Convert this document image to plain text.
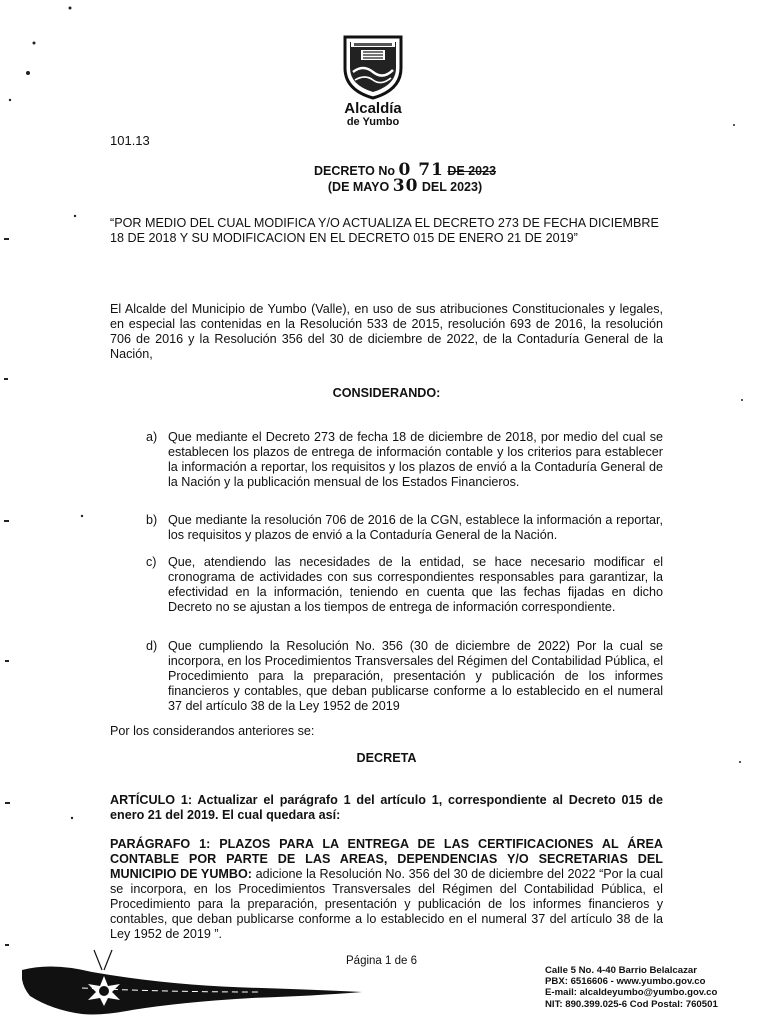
Alcaldía
de Yumbo
101.13
DECRETO No 0 71 DE 2023
(DE MAYO 30 DEL 2023)
“POR MEDIO DEL CUAL MODIFICA Y/O ACTUALIZA EL DECRETO 273 DE FECHA DICIEMBRE 18 DE 2018 Y SU MODIFICACION EN EL DECRETO 015 DE ENERO 21 DE 2019”
El Alcalde del Municipio de Yumbo (Valle), en uso de sus atribuciones Constitucionales y legales, en especial las contenidas en la Resolución 533 de 2015, resolución 693 de 2016, la resolución 706 de 2016 y la Resolución 356 del 30 de diciembre de 2022, de la Contaduría General de la Nación,
CONSIDERANDO:
a) Que mediante el Decreto 273 de fecha 18 de diciembre de 2018, por medio del cual se establecen los plazos de entrega de información contable y los criterios para establecer la información a reportar, los requisitos y los plazos de envió a la Contaduría General de la Nación y la publicación mensual de los Estados Financieros.
b) Que mediante la resolución 706 de 2016 de la CGN, establece la información a reportar, los requisitos y plazos de envió a la Contaduría General de la Nación.
c) Que, atendiendo las necesidades de la entidad, se hace necesario modificar el cronograma de actividades con sus correspondientes responsables para garantizar, la efectividad en la información, teniendo en cuenta que las fechas fijadas en dicho Decreto no se ajustan a los tiempos de entrega de información correspondiente.
d) Que cumpliendo la Resolución No. 356 (30 de diciembre de 2022) Por la cual se incorpora, en los Procedimientos Transversales del Régimen del Contabilidad Pública, el Procedimiento para la preparación, presentación y publicación de los informes financieros y contables, que deban publicarse conforme a lo establecido en el numeral 37 del artículo 38 de la Ley 1952 de 2019
Por los considerandos anteriores se:
DECRETA
ARTÍCULO 1: Actualizar el parágrafo 1 del artículo 1, correspondiente al Decreto 015 de enero 21 del 2019. El cual quedara así:
PARÁGRAFO 1: PLAZOS PARA LA ENTREGA DE LAS CERTIFICACIONES AL ÁREA CONTABLE POR PARTE DE LAS AREAS, DEPENDENCIAS Y/O SECRETARIAS DEL MUNICIPIO DE YUMBO: adicione la Resolución No. 356 del 30 de diciembre del 2022 “Por la cual se incorpora, en los Procedimientos Transversales del Régimen del Contabilidad Pública, el Procedimiento para la preparación, presentación y publicación de los informes financieros y contables, que deban publicarse conforme a lo establecido en el numeral 37 del artículo 38 de la Ley 1952 de 2019 ”.
Página 1 de 6
Calle 5 No. 4-40 Barrio Belalcazar
PBX: 6516606 - www.yumbo.gov.co
E-mail: alcaldeyumbo@yumbo.gov.co
NIT: 890.399.025-6 Cod Postal: 760501
